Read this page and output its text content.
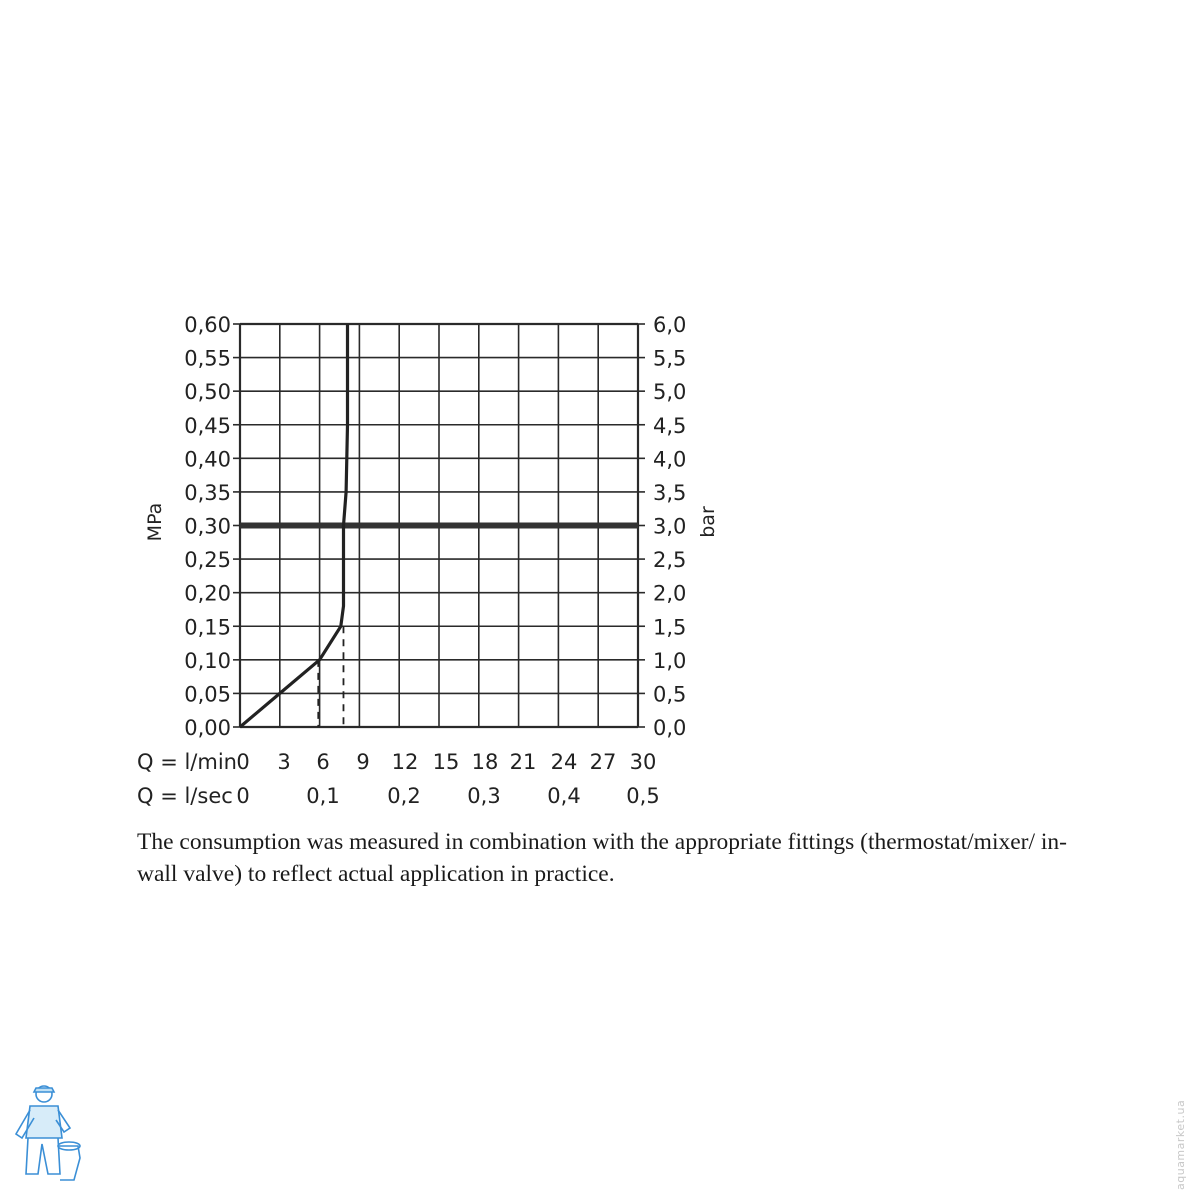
0,00
0,05
0,10
0,15
0,20
0,25
0,30
0,35
0,40
0,45
0,50
0,55
0,60
0,0
0,5
1,0
1,5
2,0
2,5
3,0
3,5
4,0
4,5
5,0
5,5
6,0
0 3 6 9 12 15 18 21 24 27 30
0	0,1 0,2 0,3 0,4 0,5
MPa	bar
Q = l/min
Q = l/sec
The consumption was measured in combination with the appropriate fittings (thermostat/mixer/ in-wall valve) to reflect actual application in practice.
aquamarket.ua
